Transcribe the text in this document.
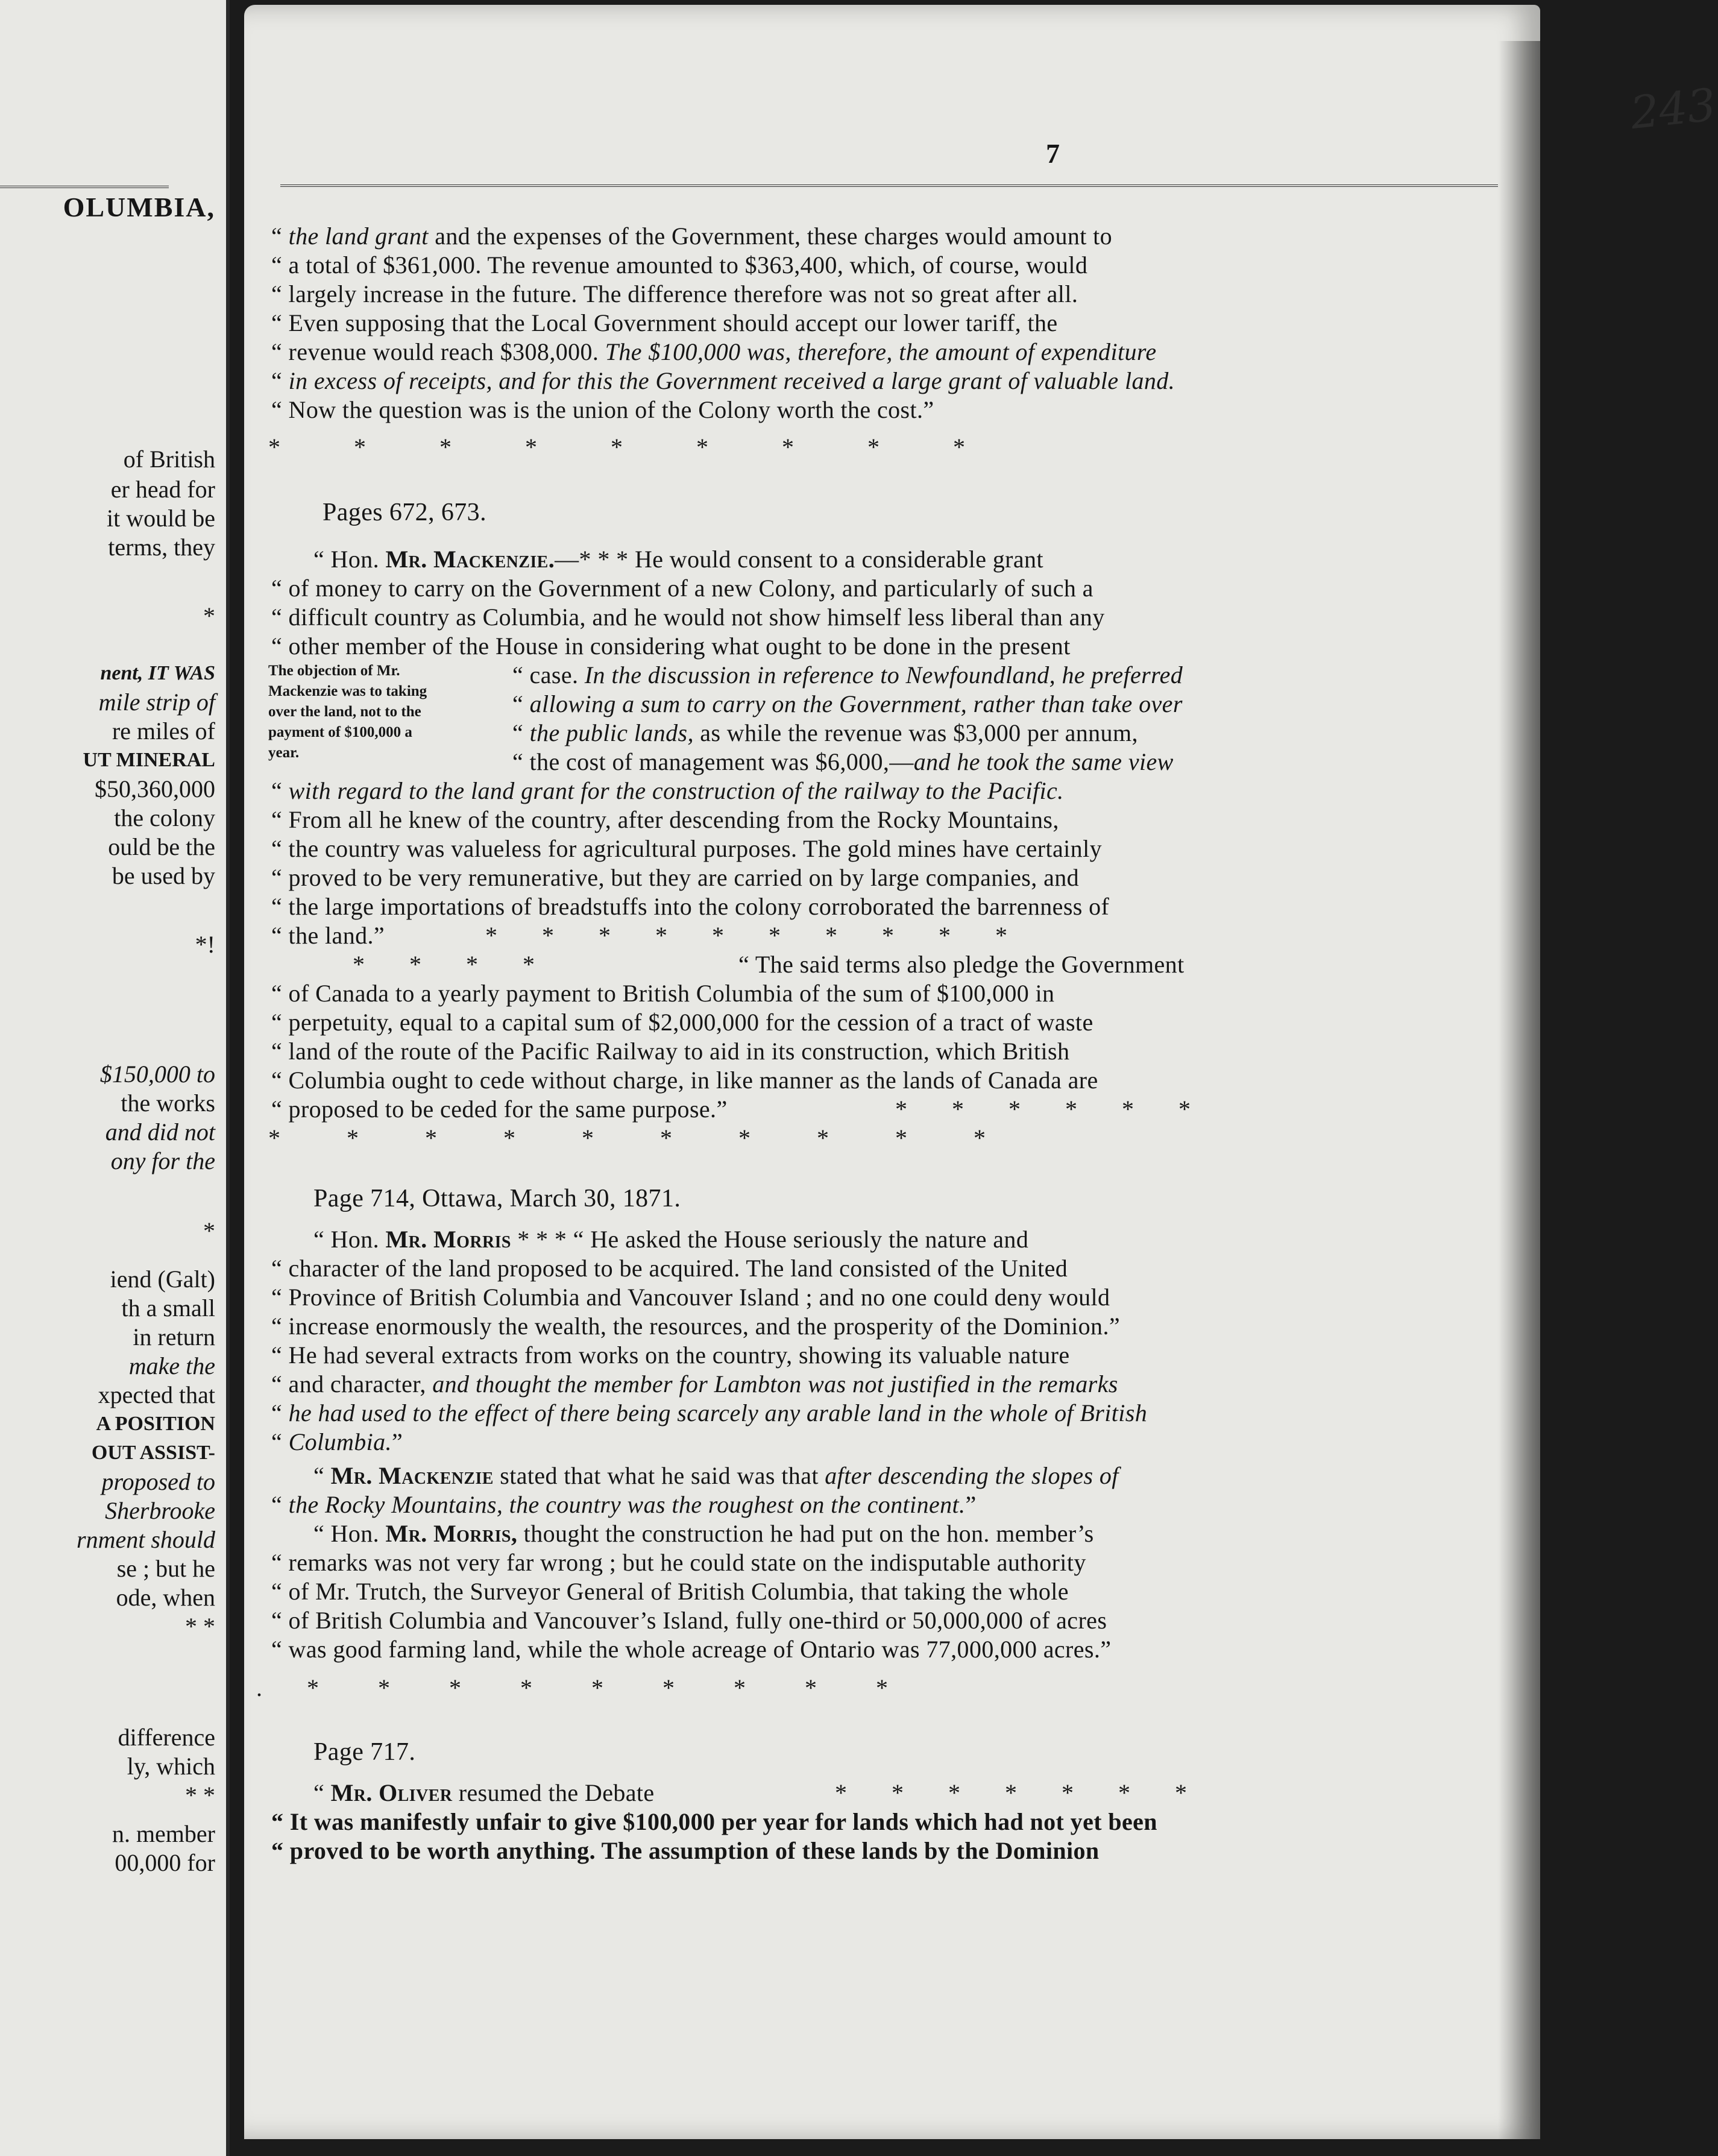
OLUMBIA,
of British
er head for
it would be
terms, they
*
nent, IT WAS
mile strip of
re miles of
UT MINERAL
$50,360,000
the colony
ould be the
be used by
*!
$150,000 to
the works
and did not
ony for the
*
iend (Galt)
th a small
in return
make the
xpected that
A POSITION
OUT ASSIST-
proposed to
Sherbrooke
rnment should
se ; but he
ode, when
* *
difference
ly, which
* *
n. member
00,000 for
243
7
“ the land grant and the expenses of the Government, these charges would amount to
“ a total of $361,000. The revenue amounted to $363,400, which, of course, would
“ largely increase in the future. The difference therefore was not so great after all.
“ Even supposing that the Local Government should accept our lower tariff, the
“ revenue would reach $308,000. The $100,000 was, therefore, the amount of expenditure
“ in excess of receipts, and for this the Government received a large grant of valuable land.
“ Now the question was is the union of the Colony worth the cost.”
*          *          *          *          *          *          *          *          *
Pages 672, 673.
“ Hon. Mr. Mackenzie.—* * * He would consent to a considerable grant
“ of money to carry on the Government of a new Colony, and particularly of such a
“ difficult country as Columbia, and he would not show himself less liberal than any
“ other member of the House in considering what ought to be done in the present
The objection of Mr.
Mackenzie was to taking
over the land, not to the
payment of $100,000 a
year.
“ case. In the discussion in reference to Newfoundland, he preferred
“ allowing a sum to carry on the Government, rather than take over
“ the public lands, as while the revenue was $3,000 per annum,
“ the cost of management was $6,000,—and he took the same view
“ with regard to the land grant for the construction of the railway to the Pacific.
“ From all he knew of the country, after descending from the Rocky Mountains,
“ the country was valueless for agricultural purposes. The gold mines have certainly
“ proved to be very remunerative, but they are carried on by large companies, and
“ the large importations of breadstuffs into the colony corroborated the barrenness of
“ the land.”	*      *      *      *      *      *      *      *      *      *
*      *      *      *	“ The said terms also pledge the Government
“ of Canada to a yearly payment to British Columbia of the sum of $100,000 in
“ perpetuity, equal to a capital sum of $2,000,000 for the cession of a tract of waste
“ land of the route of the Pacific Railway to aid in its construction, which British
“ Columbia ought to cede without charge, in like manner as the lands of Canada are
“ proposed to be ceded for the same purpose.”	*      *      *      *      *      *
*         *         *         *         *         *         *         *         *         *
Page 714, Ottawa, March 30, 1871.
“ Hon. Mr. Morris * * * “ He asked the House seriously the nature and
“ character of the land proposed to be acquired. The land consisted of the United
“ Province of British Columbia and Vancouver Island ; and no one could deny would
“ increase enormously the wealth, the resources, and the prosperity of the Dominion.”
“ He had several extracts from works on the country, showing its valuable nature
“ and character, and thought the member for Lambton was not justified in the remarks
“ he had used to the effect of there being scarcely any arable land in the whole of British
“ Columbia.”
“ Mr. Mackenzie stated that what he said was that after descending the slopes of
“ the Rocky Mountains, the country was the roughest on the continent.”
“ Hon. Mr. Morris, thought the construction he had put on the hon. member’s
“ remarks was not very far wrong ; but he could state on the indisputable authority
“ of Mr. Trutch, the Surveyor General of British Columbia, that taking the whole
“ of British Columbia and Vancouver’s Island, fully one-third or 50,000,000 of acres
“ was good farming land, while the whole acreage of Ontario was 77,000,000 acres.”
.      *        *        *        *        *        *        *        *        *
Page 717.
“ Mr. Oliver resumed the Debate	*      *      *      *      *      *      *
“ It was manifestly unfair to give $100,000 per year for lands which had not yet been
“ proved to be worth anything. The assumption of these lands by the Dominion
